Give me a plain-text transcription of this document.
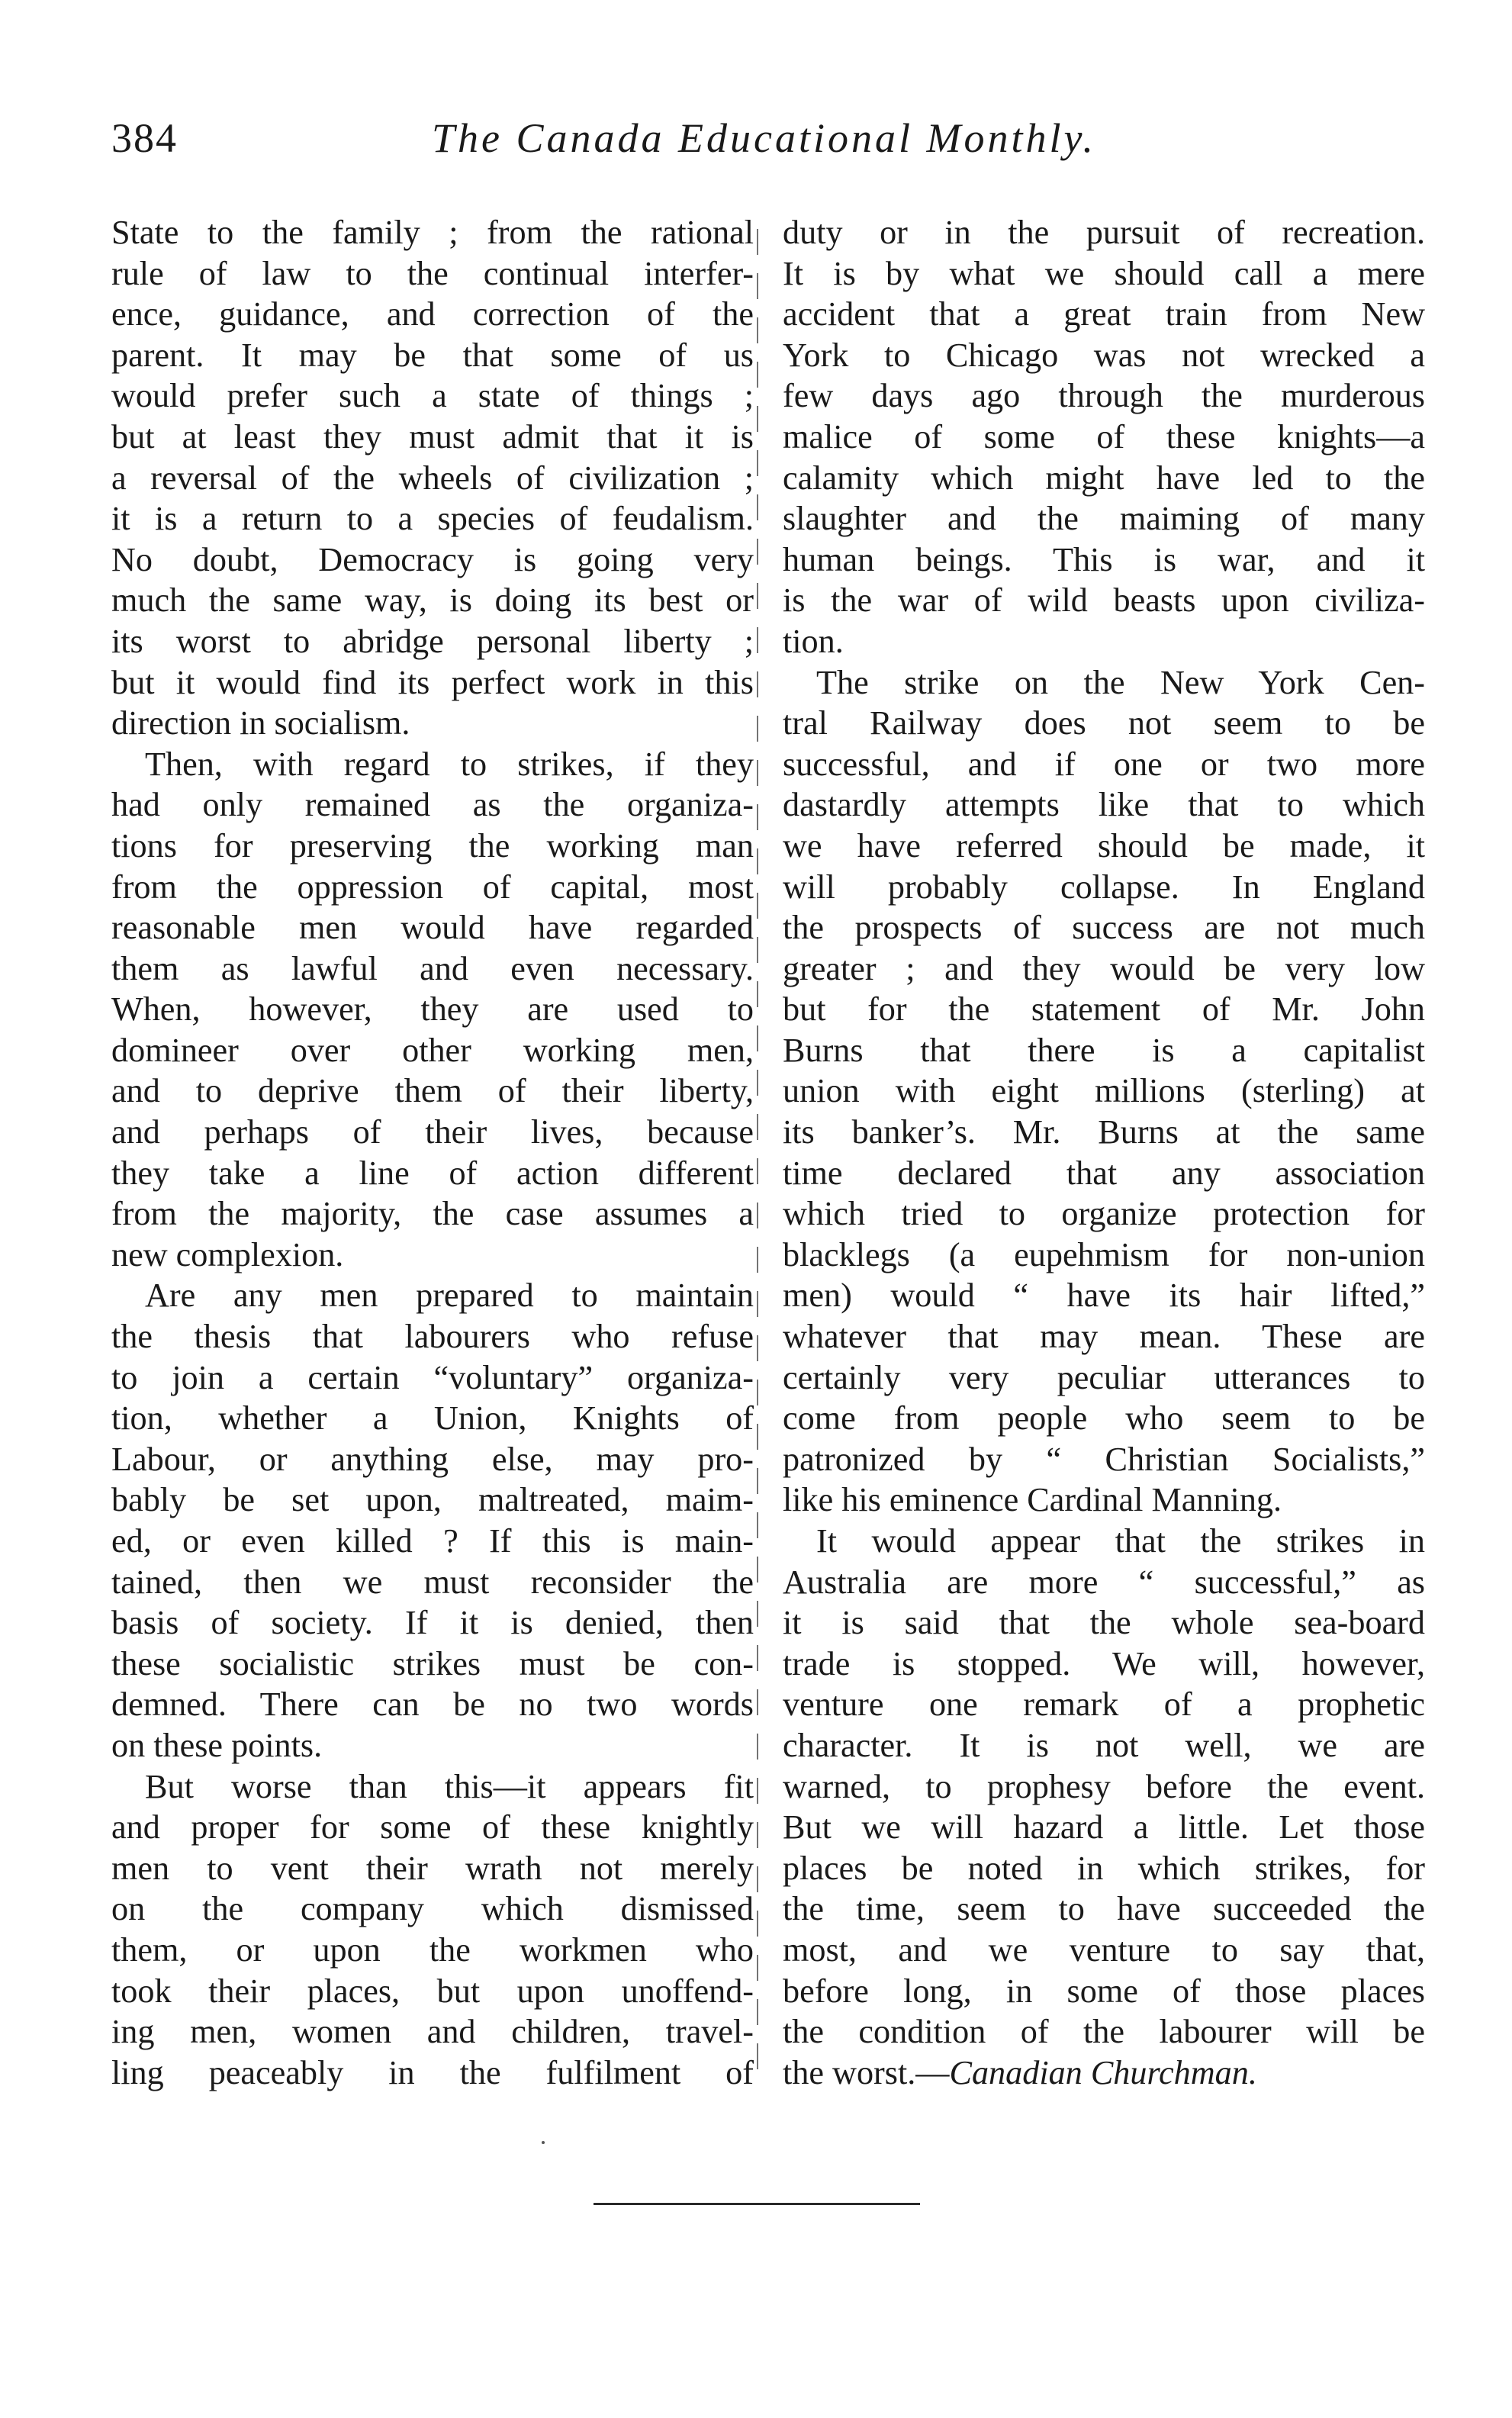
384	The Canada Educational Monthly.
State to the family ; from the rational
rule of law to the continual interfer-
ence, guidance, and correction of the
parent. It may be that some of us
would prefer such a state of things ;
but at least they must admit that it is
a reversal of the wheels of civilization ;
it is a return to a species of feudalism.
No doubt, Democracy is going very
much the same way, is doing its best or
its worst to abridge personal liberty ;
but it would find its perfect work in this
direction in socialism.
Then, with regard to strikes, if they
had only remained as the organiza-
tions for preserving the working man
from the oppression of capital, most
reasonable men would have regarded
them as lawful and even necessary.
When, however, they are used to
domineer over other working men,
and to deprive them of their liberty,
and perhaps of their lives, because
they take a line of action different
from the majority, the case assumes a
new complexion.
Are any men prepared to maintain
the thesis that labourers who refuse
to join a certain “voluntary” organiza-
tion, whether a Union, Knights of
Labour, or anything else, may pro-
bably be set upon, maltreated, maim-
ed, or even killed ? If this is main-
tained, then we must reconsider the
basis of society. If it is denied, then
these socialistic strikes must be con-
demned. There can be no two words
on these points.
But worse than this—it appears fit
and proper for some of these knightly
men to vent their wrath not merely
on the company which dismissed
them, or upon the workmen who
took their places, but upon unoffend-
ing men, women and children, travel-
ling peaceably in the fulfilment of
duty or in the pursuit of recreation.
It is by what we should call a mere
accident that a great train from New
York to Chicago was not wrecked a
few days ago through the murderous
malice of some of these knights—a
calamity which might have led to the
slaughter and the maiming of many
human beings. This is war, and it
is the war of wild beasts upon civiliza-
tion.
The strike on the New York Cen-
tral Railway does not seem to be
successful, and if one or two more
dastardly attempts like that to which
we have referred should be made, it
will probably collapse. In England
the prospects of success are not much
greater ; and they would be very low
but for the statement of Mr. John
Burns that there is a capitalist
union with eight millions (sterling) at
its banker’s. Mr. Burns at the same
time declared that any association
which tried to organize protection for
blacklegs (a eupehmism for non-union
men) would “ have its hair lifted,”
whatever that may mean. These are
certainly very peculiar utterances to
come from people who seem to be
patronized by “ Christian Socialists,”
like his eminence Cardinal Manning.
It would appear that the strikes in
Australia are more “ successful,” as
it is said that the whole sea-board
trade is stopped. We will, however,
venture one remark of a prophetic
character. It is not well, we are
warned, to prophesy before the event.
But we will hazard a little. Let those
places be noted in which strikes, for
the time, seem to have succeeded the
most, and we venture to say that,
before long, in some of those places
the condition of the labourer will be
the worst.—Canadian Churchman.
